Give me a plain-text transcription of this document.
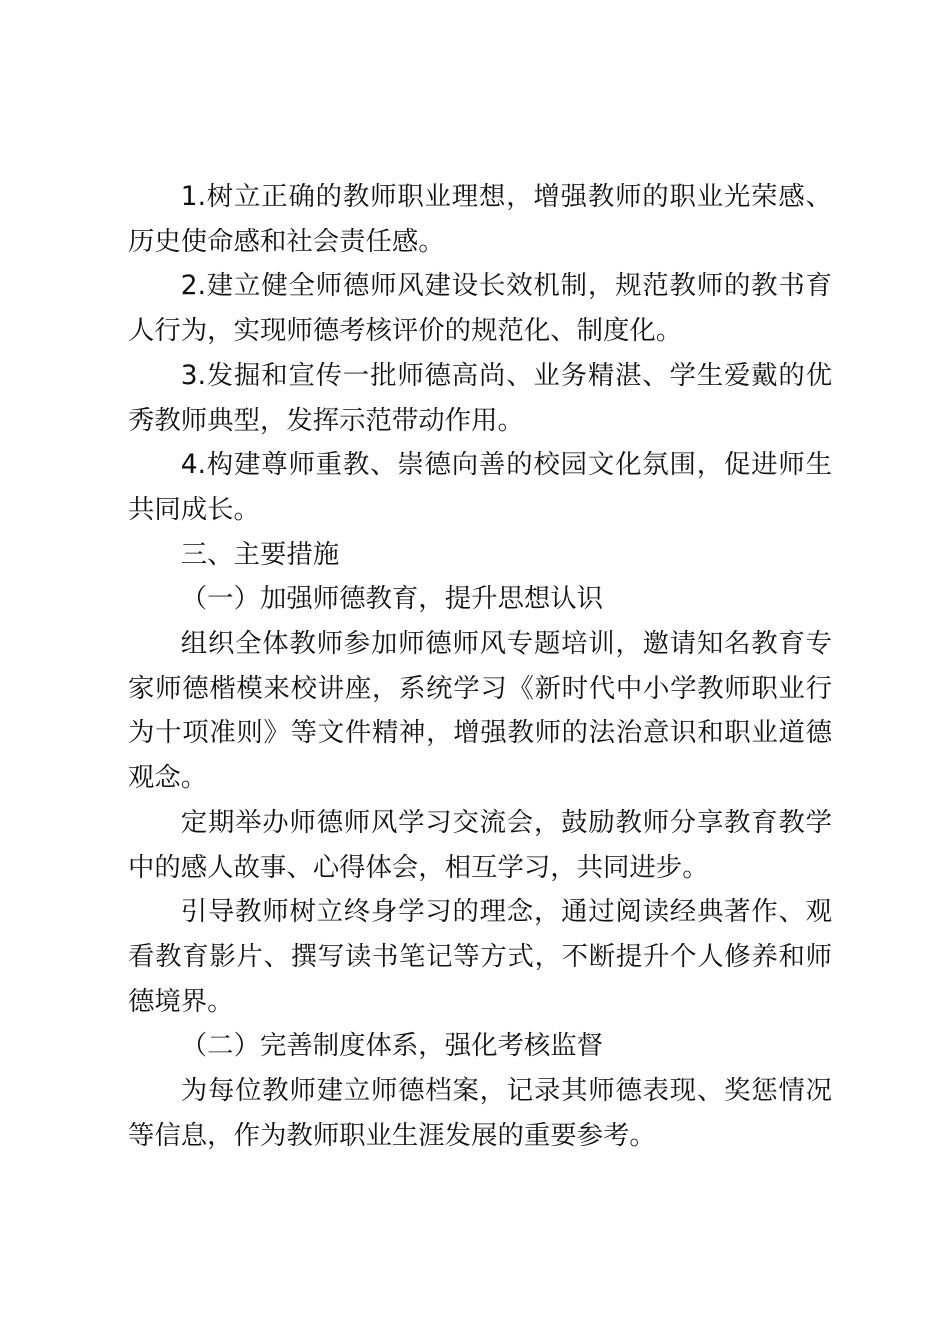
1.树立正确的教师职业理想，增强教师的职业光荣感、历史使命感和社会责任感。

2.建立健全师德师风建设长效机制，规范教师的教书育人行为，实现师德考核评价的规范化、制度化。

3.发掘和宣传一批师德高尚、业务精湛、学生爱戴的优秀教师典型，发挥示范带动作用。

4.构建尊师重教、崇德向善的校园文化氛围，促进师生共同成长。

三、主要措施

（一）加强师德教育，提升思想认识

组织全体教师参加师德师风专题培训，邀请知名教育专家师德楷模来校讲座，系统学习《新时代中小学教师职业行为十项准则》等文件精神，增强教师的法治意识和职业道德观念。

定期举办师德师风学习交流会，鼓励教师分享教育教学中的感人故事、心得体会，相互学习，共同进步。

引导教师树立终身学习的理念，通过阅读经典著作、观看教育影片、撰写读书笔记等方式，不断提升个人修养和师德境界。

（二）完善制度体系，强化考核监督

为每位教师建立师德档案，记录其师德表现、奖惩情况等信息，作为教师职业生涯发展的重要参考。
